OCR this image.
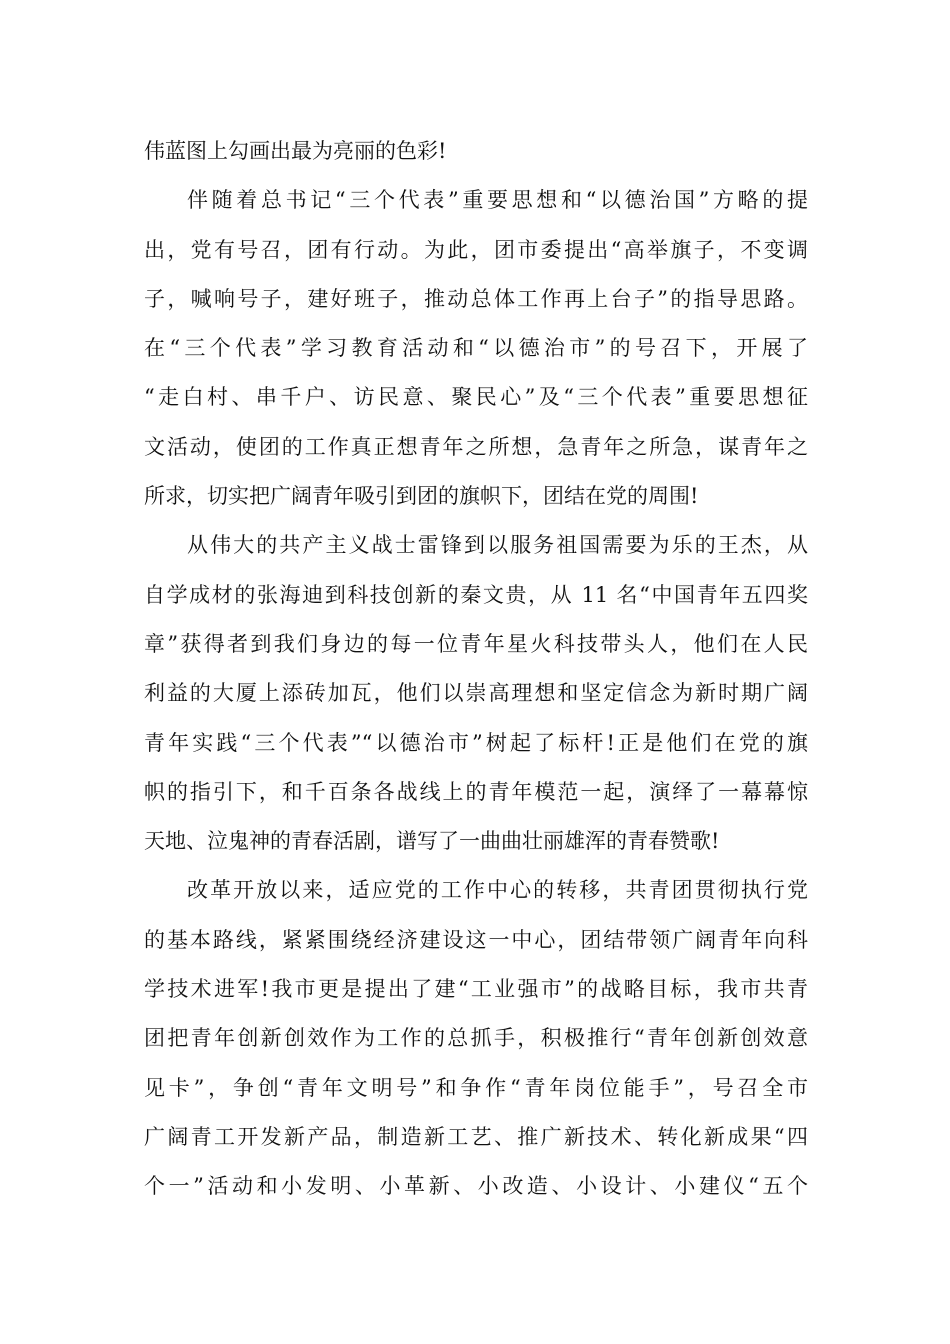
伟蓝图上勾画出最为亮丽的色彩!
伴随着总书记“三个代表”重要思想和“以德治国”方略的提
出，党有号召，团有行动。为此，团市委提出“高举旗子，不变调
子，喊响号子，建好班子，推动总体工作再上台子”的指导思路。
在“三个代表”学习教育活动和“以德治市”的号召下，开展了
“走白村、串千户、访民意、聚民心”及“三个代表”重要思想征
文活动，使团的工作真正想青年之所想，急青年之所急，谋青年之
所求，切实把广阔青年吸引到团的旗帜下，团结在党的周围!
从伟大的共产主义战士雷锋到以服务祖国需要为乐的王杰，从
自学成材的张海迪到科技创新的秦文贵，从 11 名“中国青年五四奖
章”获得者到我们身边的每一位青年星火科技带头人，他们在人民
利益的大厦上添砖加瓦，他们以崇高理想和坚定信念为新时期广阔
青年实践“三个代表”“以德治市”树起了标杆!正是他们在党的旗
帜的指引下，和千百条各战线上的青年模范一起，演绎了一幕幕惊
天地、泣鬼神的青春活剧，谱写了一曲曲壮丽雄浑的青春赞歌!
改革开放以来，适应党的工作中心的转移，共青团贯彻执行党
的基本路线，紧紧围绕经济建设这一中心，团结带领广阔青年向科
学技术进军!我市更是提出了建“工业强市”的战略目标，我市共青
团把青年创新创效作为工作的总抓手，积极推行“青年创新创效意
见卡”，争创“青年文明号”和争作“青年岗位能手”，号召全市
广阔青工开发新产品，制造新工艺、推广新技术、转化新成果“四
个一”活动和小发明、小革新、小改造、小设计、小建仪“五个
